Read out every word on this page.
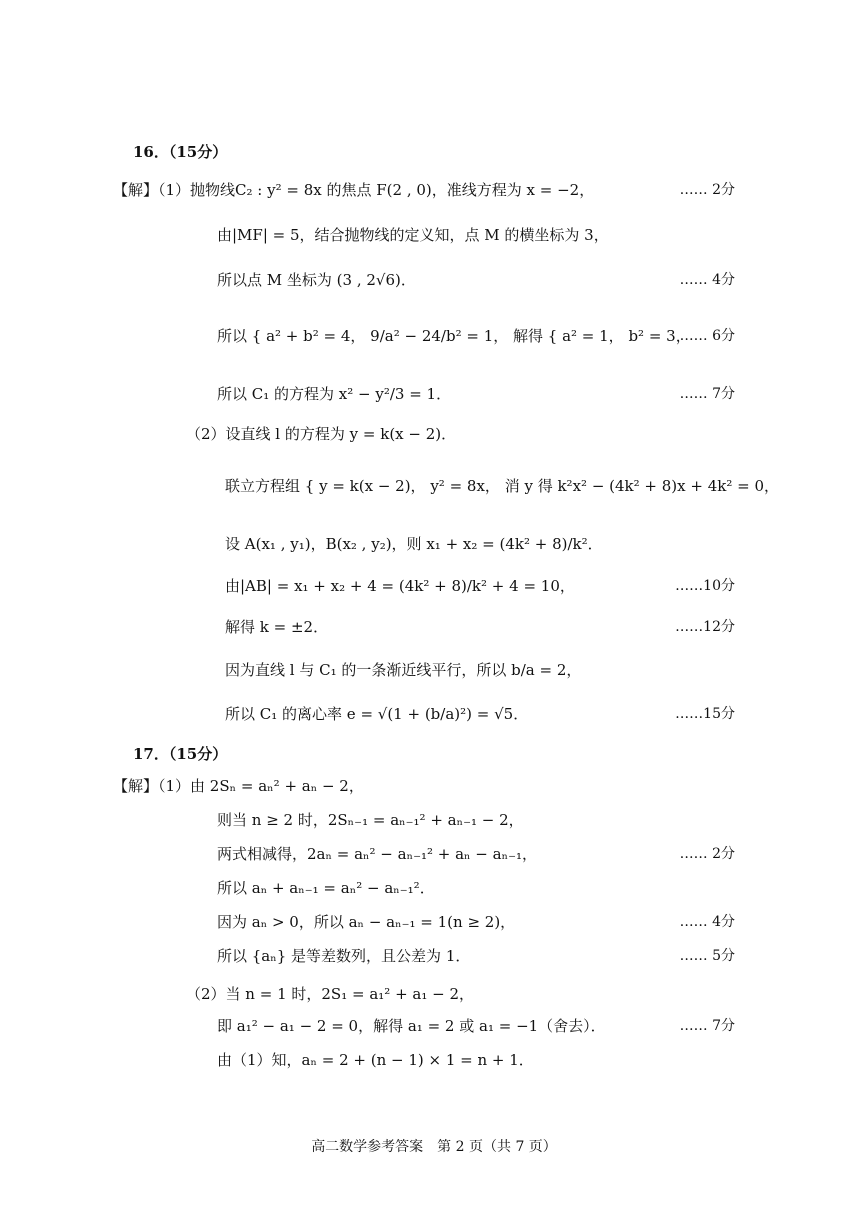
16．（15分）
【解】（1）抛物线C₂ : y² = 8x 的焦点 F(2 , 0)，准线方程为 x = −2，	…… 2分
由|MF| = 5，结合抛物线的定义知，点 M 的横坐标为 3，
所以点 M 坐标为 (3 , 2√6)．	…… 4分
所以 { a² + b² = 4， 9/a² − 24/b² = 1， 解得 { a² = 1， b² = 3，
…… 6分
所以 C₁ 的方程为 x² − y²/3 = 1．	…… 7分
（2）设直线 l 的方程为 y = k(x − 2)．
联立方程组 { y = k(x − 2)， y² = 8x， 消 y 得 k²x² − (4k² + 8)x + 4k² = 0，
设 A(x₁ , y₁)，B(x₂ , y₂)，则 x₁ + x₂ = (4k² + 8)/k²．
由|AB| = x₁ + x₂ + 4 = (4k² + 8)/k² + 4 = 10，	……10分
解得 k = ±2．	……12分
因为直线 l 与 C₁ 的一条渐近线平行，所以 b/a = 2，
所以 C₁ 的离心率 e = √(1 + (b/a)²) = √5．	……15分
17．（15分）
【解】（1）由 2Sₙ = aₙ² + aₙ − 2，
则当 n ≥ 2 时，2Sₙ₋₁ = aₙ₋₁² + aₙ₋₁ − 2，
两式相减得，2aₙ = aₙ² − aₙ₋₁² + aₙ − aₙ₋₁，	…… 2分
所以 aₙ + aₙ₋₁ = aₙ² − aₙ₋₁²．
因为 aₙ > 0，所以 aₙ − aₙ₋₁ = 1(n ≥ 2)，	…… 4分
所以 {aₙ} 是等差数列，且公差为 1．	…… 5分
（2）当 n = 1 时，2S₁ = a₁² + a₁ − 2，
即 a₁² − a₁ − 2 = 0，解得 a₁ = 2 或 a₁ = −1（舍去）．	…… 7分
由（1）知，aₙ = 2 + (n − 1) × 1 = n + 1．
高二数学参考答案　第 2 页（共 7 页）
